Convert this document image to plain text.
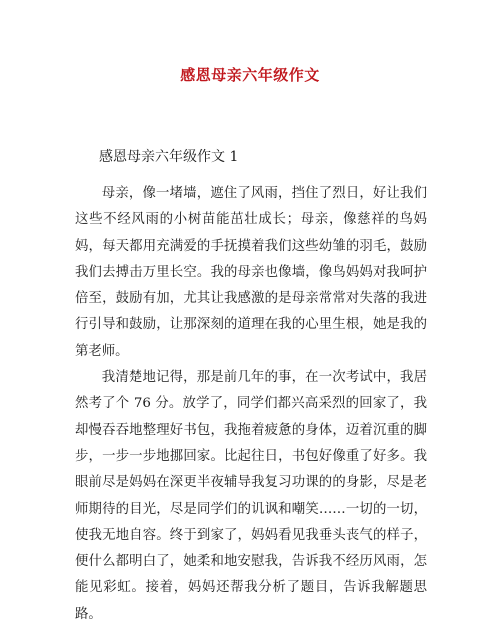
感恩母亲六年级作文
感恩母亲六年级作文 1

母亲，像一堵墙，遮住了风雨，挡住了烈日，好让我们这些不经风雨的小树苗能茁壮成长；母亲，像慈祥的鸟妈妈，每天都用充满爱的手抚摸着我们这些幼雏的羽毛，鼓励我们去搏击万里长空。我的母亲也像墙，像鸟妈妈对我呵护倍至，鼓励有加，尤其让我感激的是母亲常常对失落的我进行引导和鼓励，让那深刻的道理在我的心里生根，她是我的第老师。

我清楚地记得，那是前几年的事，在一次考试中，我居然考了个 76 分。放学了，同学们都兴高采烈的回家了，我却慢吞吞地整理好书包，我拖着疲惫的身体，迈着沉重的脚步，一步一步地挪回家。比起往日，书包好像重了好多。我眼前尽是妈妈在深更半夜辅导我复习功课的的身影，尽是老师期待的目光，尽是同学们的讥讽和嘲笑……一切的一切，使我无地自容。终于到家了，妈妈看见我垂头丧气的样子，便什么都明白了，她柔和地安慰我，告诉我不经历风雨，怎能见彩虹。接着，妈妈还帮我分析了题目，告诉我解题思路。
